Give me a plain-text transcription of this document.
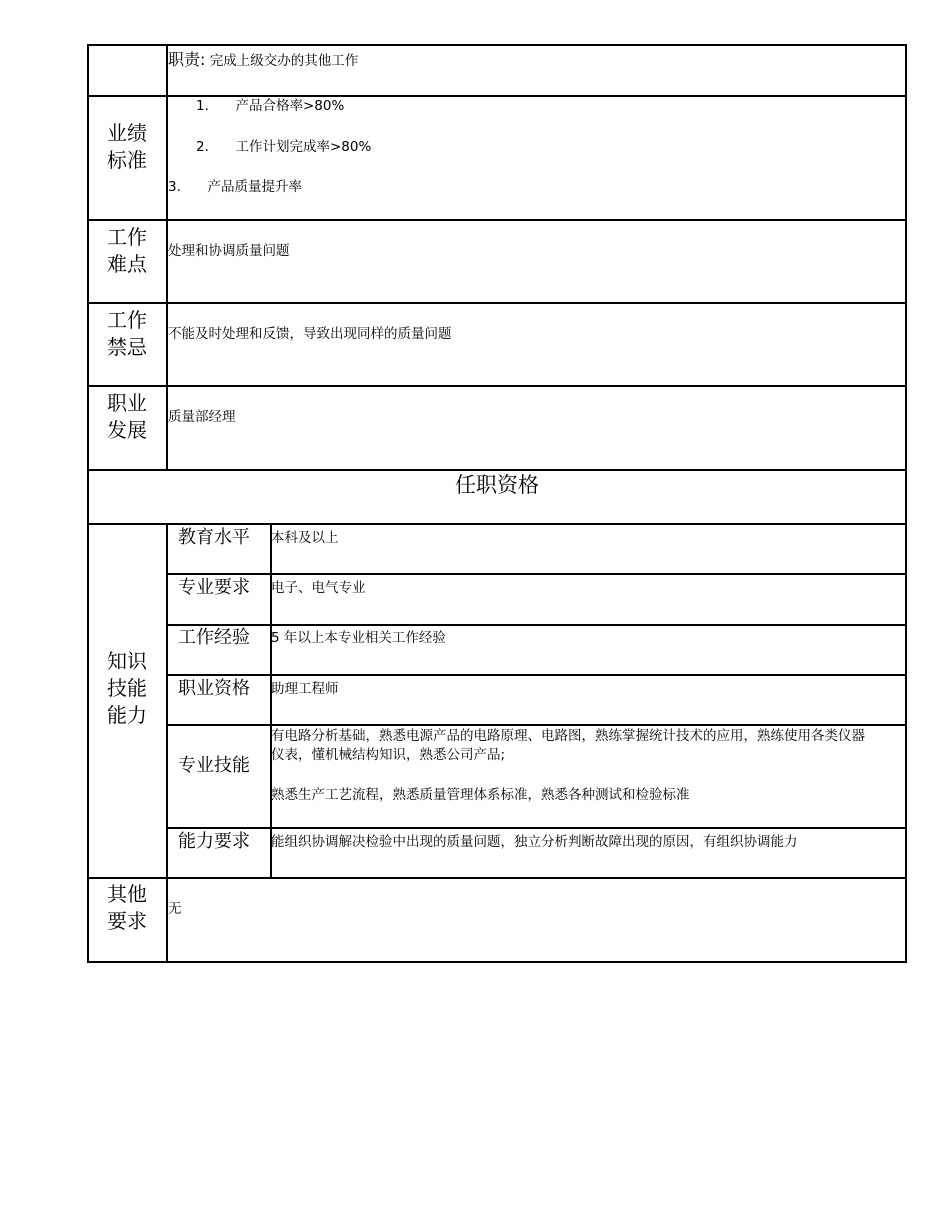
职责: 完成上级交办的其他工作
业绩
标准
1. 产品合格率>80%
2. 工作计划完成率>80%
3. 产品质量提升率
工作
难点
处理和协调质量问题
工作
禁忌
不能及时处理和反馈，导致出现同样的质量问题
职业
发展
质量部经理
任职资格
知识
技能
能力
教育水平 本科及以上
专业要求 电子、电气专业
工作经验 5 年以上本专业相关工作经验
职业资格 助理工程师
专业技能
有电路分析基础，熟悉电源产品的电路原理、电路图，熟练掌握统计技术的应用，熟练使用各类仪器
仪表，懂机械结构知识，熟悉公司产品;
熟悉生产工艺流程，熟悉质量管理体系标准，熟悉各种测试和检验标准
能力要求 能组织协调解决检验中出现的质量问题，独立分析判断故障出现的原因，有组织协调能力
其他
要求	无
